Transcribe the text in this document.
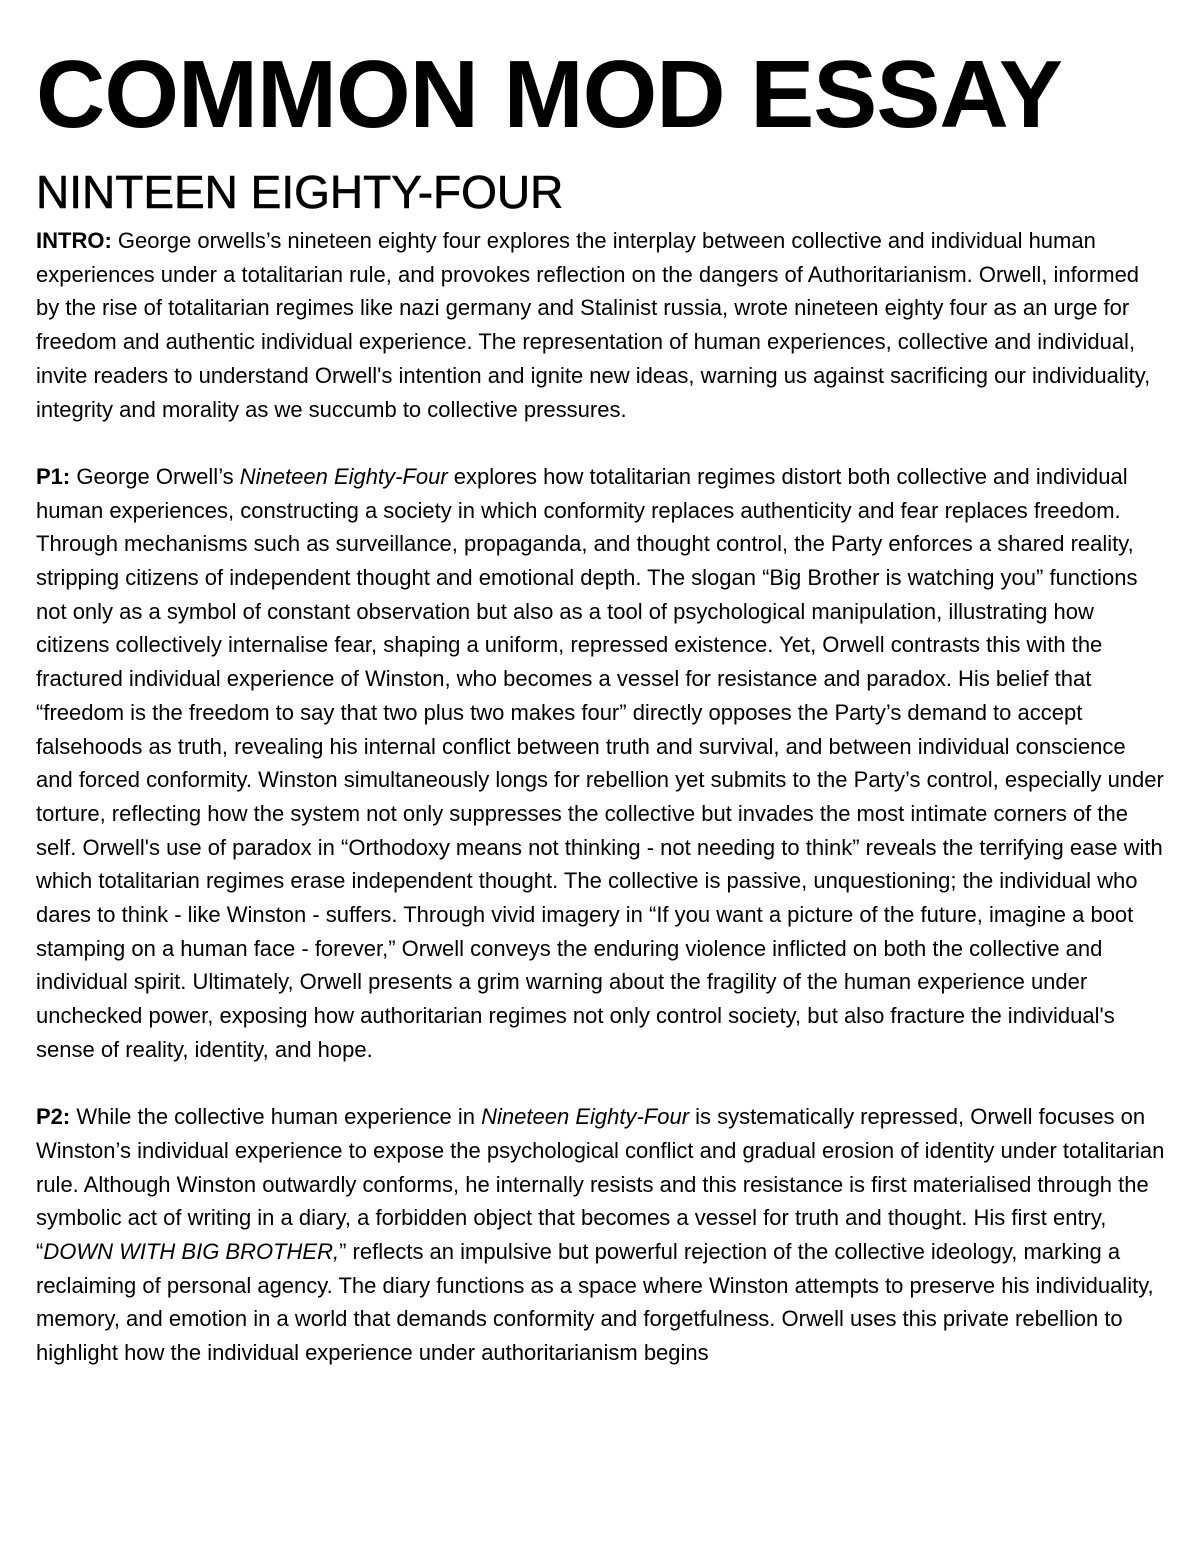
COMMON MOD ESSAY
NINTEEN EIGHTY-FOUR

INTRO: George orwells’s nineteen eighty four explores the interplay between collective and individual human experiences under a totalitarian rule, and provokes reflection on the dangers of Authoritarianism. Orwell, informed by the rise of totalitarian regimes like nazi germany and Stalinist russia, wrote nineteen eighty four as an urge for freedom and authentic individual experience. The representation of human experiences, collective and individual, invite readers to understand Orwell's intention and ignite new ideas, warning us against sacrificing our individuality, integrity and morality as we succumb to collective pressures.

P1: George Orwell’s Nineteen Eighty-Four explores how totalitarian regimes distort both collective and individual human experiences, constructing a society in which conformity replaces authenticity and fear replaces freedom. Through mechanisms such as surveillance, propaganda, and thought control, the Party enforces a shared reality, stripping citizens of independent thought and emotional depth. The slogan “Big Brother is watching you” functions not only as a symbol of constant observation but also as a tool of psychological manipulation, illustrating how citizens collectively internalise fear, shaping a uniform, repressed existence. Yet, Orwell contrasts this with the fractured individual experience of Winston, who becomes a vessel for resistance and paradox. His belief that “freedom is the freedom to say that two plus two makes four” directly opposes the Party’s demand to accept falsehoods as truth, revealing his internal conflict between truth and survival, and between individual conscience and forced conformity. Winston simultaneously longs for rebellion yet submits to the Party’s control, especially under torture, reflecting how the system not only suppresses the collective but invades the most intimate corners of the self. Orwell's use of paradox in “Orthodoxy means not thinking - not needing to think” reveals the terrifying ease with which totalitarian regimes erase independent thought. The collective is passive, unquestioning; the individual who dares to think - like Winston - suffers. Through vivid imagery in “If you want a picture of the future, imagine a boot stamping on a human face - forever,” Orwell conveys the enduring violence inflicted on both the collective and individual spirit. Ultimately, Orwell presents a grim warning about the fragility of the human experience under unchecked power, exposing how authoritarian regimes not only control society, but also fracture the individual's sense of reality, identity, and hope.

P2: While the collective human experience in Nineteen Eighty-Four is systematically repressed, Orwell focuses on Winston’s individual experience to expose the psychological conflict and gradual erosion of identity under totalitarian rule. Although Winston outwardly conforms, he internally resists and this resistance is first materialised through the symbolic act of writing in a diary, a forbidden object that becomes a vessel for truth and thought. His first entry, “DOWN WITH BIG BROTHER,” reflects an impulsive but powerful rejection of the collective ideology, marking a reclaiming of personal agency. The diary functions as a space where Winston attempts to preserve his individuality, memory, and emotion in a world that demands conformity and forgetfulness. Orwell uses this private rebellion to highlight how the individual experience under authoritarianism begins
